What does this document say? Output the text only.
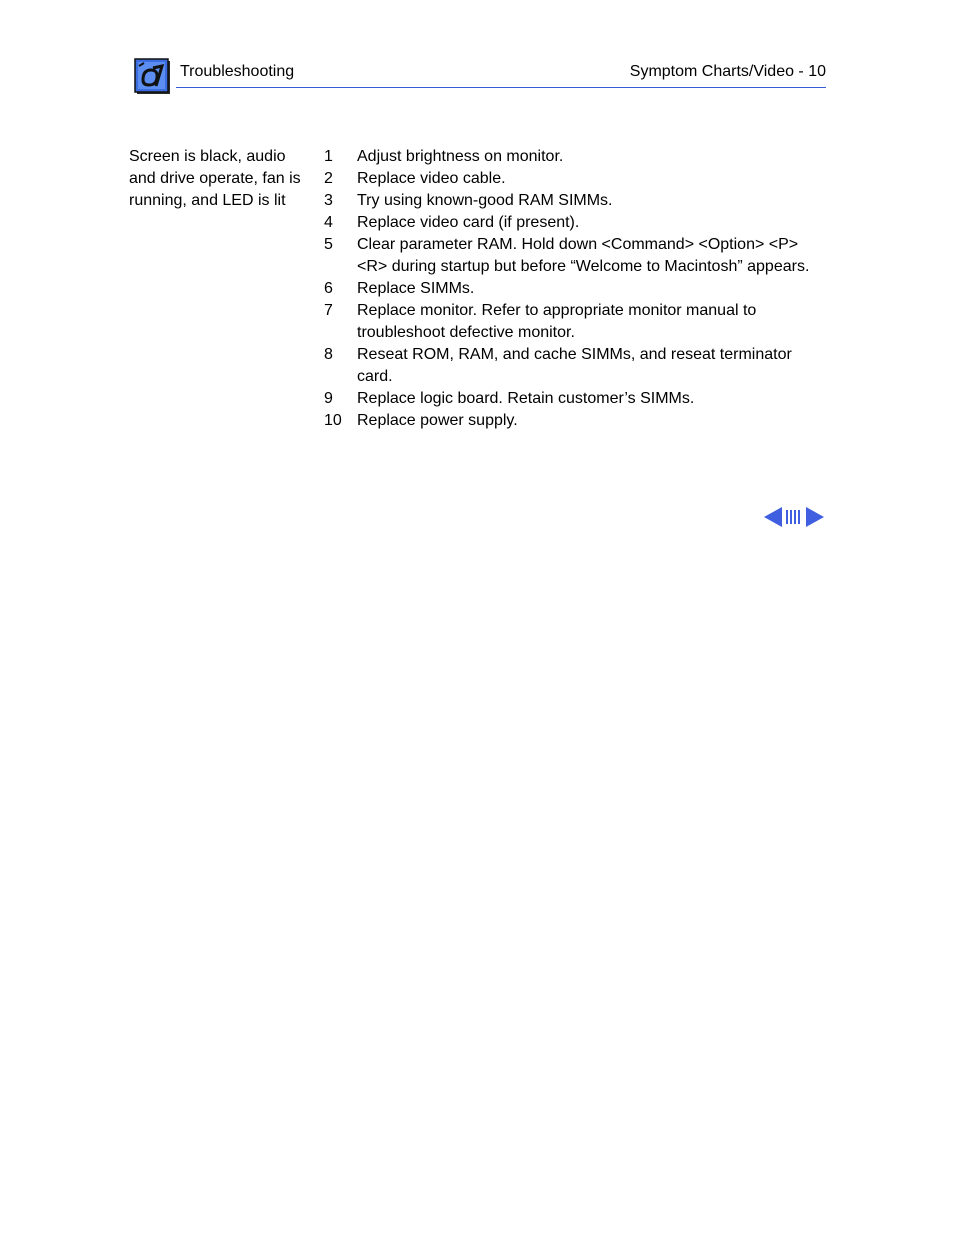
Troubleshooting	Symptom Charts/Video - 10
Screen is black, audio and drive operate, fan is running, and LED is lit
1	Adjust brightness on monitor.
2	Replace video cable.
3	Try using known-good RAM SIMMs.
4	Replace video card (if present).
5	Clear parameter RAM. Hold down <Command> <Option> <P> <R> during startup but before “Welcome to Macintosh” appears.
6	Replace SIMMs.
7	Replace monitor. Refer to appropriate monitor manual to troubleshoot defective monitor.
8	Reseat ROM, RAM, and cache SIMMs, and reseat terminator card.
9	Replace logic board. Retain customer’s SIMMs.
10 Replace power supply.
